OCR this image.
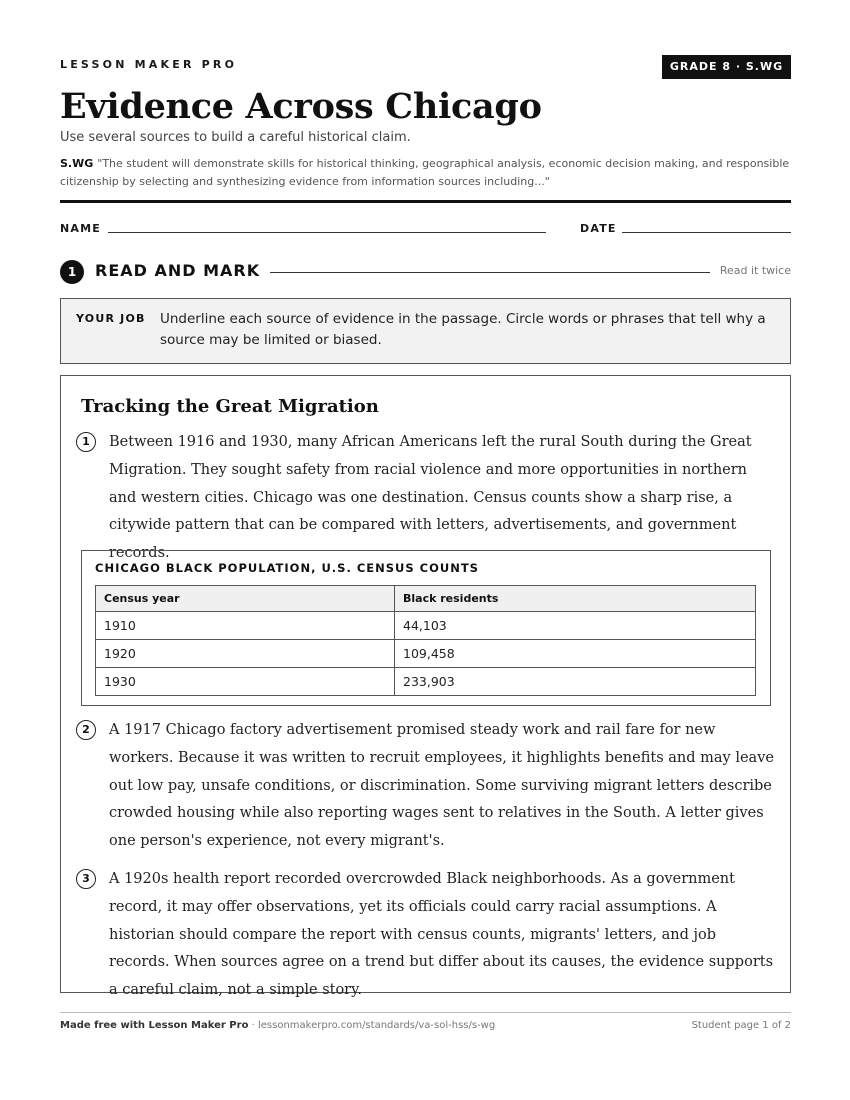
LESSON MAKER PRO	GRADE 8 · S.WG
Evidence Across Chicago
Use several sources to build a careful historical claim.
S.WG "The student will demonstrate skills for historical thinking, geographical analysis, economic decision making, and responsible citizenship by selecting and synthesizing evidence from information sources including..."
NAME	DATE
1	READ AND MARK	Read it twice
YOUR JOB Underline each source of evidence in the passage. Circle words or phrases that tell why a source may be limited or biased.
Tracking the Great Migration
1	Between 1916 and 1930, many African Americans left the rural South during the Great Migration. They sought safety from racial violence and more opportunities in northern and western cities. Chicago was one destination. Census counts show a sharp rise, a citywide pattern that can be compared with letters, advertisements, and government records.
CHICAGO BLACK POPULATION, U.S. CENSUS COUNTS
Census year	Black residents
1910	44,103
1920	109,458
1930	233,903
2	A 1917 Chicago factory advertisement promised steady work and rail fare for new workers. Because it was written to recruit employees, it highlights benefits and may leave out low pay, unsafe conditions, or discrimination. Some surviving migrant letters describe crowded housing while also reporting wages sent to relatives in the South. A letter gives one person's experience, not every migrant's.
3	A 1920s health report recorded overcrowded Black neighborhoods. As a government record, it may offer observations, yet its officials could carry racial assumptions. A historian should compare the report with census counts, migrants' letters, and job records. When sources agree on a trend but differ about its causes, the evidence supports a careful claim, not a simple story.
Made free with Lesson Maker Pro · lessonmakerpro.com/standards/va-sol-hss/s-wg	Student page 1 of 2
